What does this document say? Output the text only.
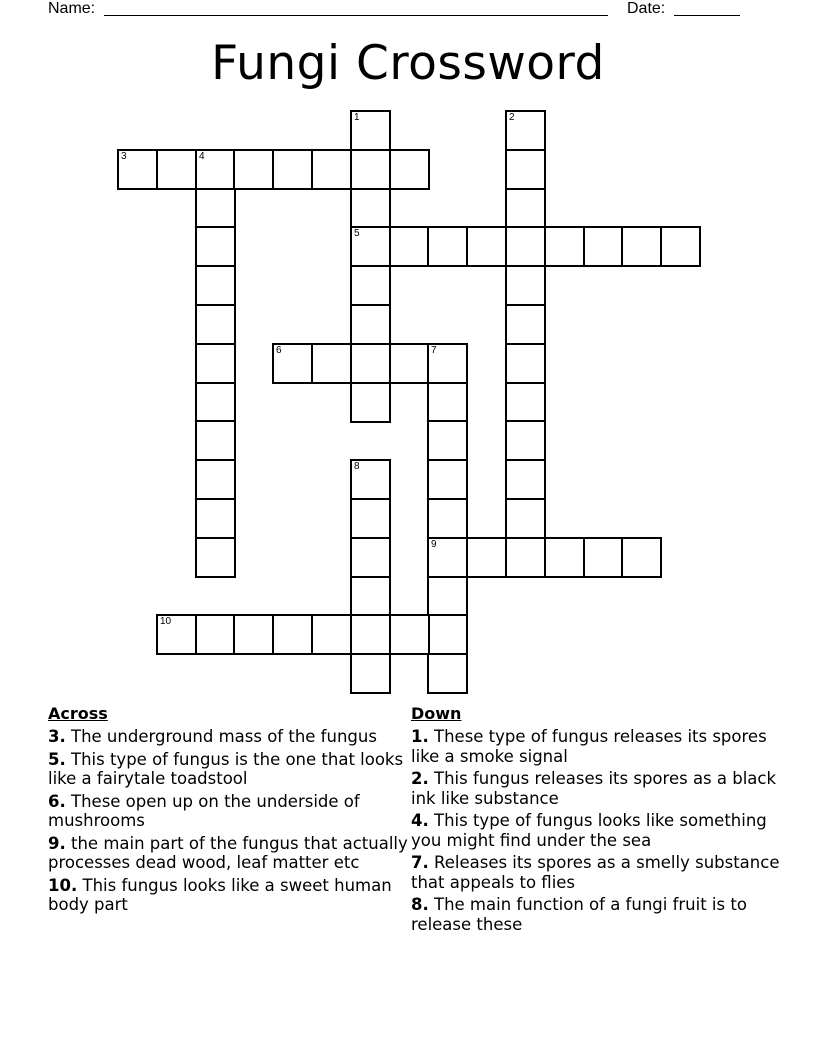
Name:	Date:
Fungi Crossword
1
5
2
3	4
6	7
9
8
10
Across
3. The underground mass of the fungus
5. This type of fungus is the one that looks like a fairytale toadstool
6. These open up on the underside of mushrooms
9. the main part of the fungus that actually processes dead wood, leaf matter etc
10. This fungus looks like a sweet human body part
Down
1. These type of fungus releases its spores like a smoke signal
2. This fungus releases its spores as a black ink like substance
4. This type of fungus looks like something you might find under the sea
7. Releases its spores as a smelly substance that appeals to flies
8. The main function of a fungi fruit is to release these
